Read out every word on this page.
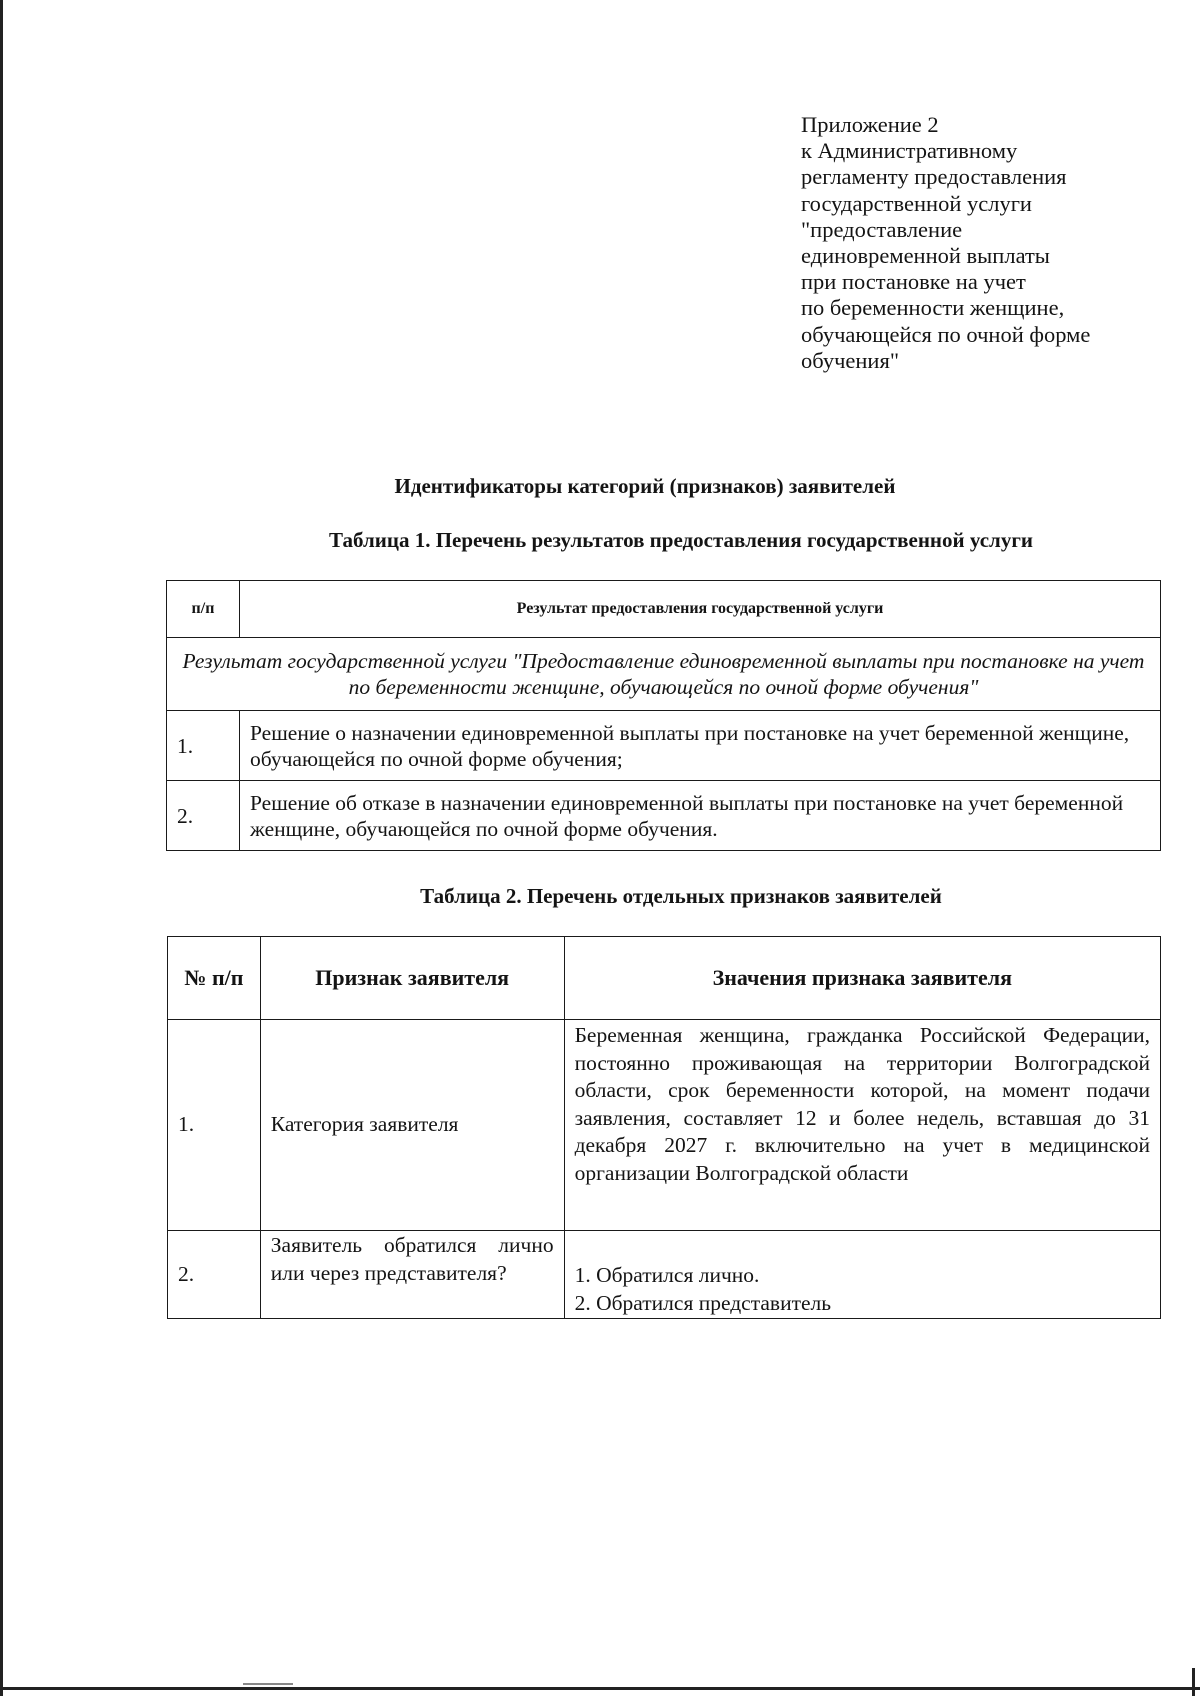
Приложение 2
к Административному
регламенту предоставления
государственной услуги
"предоставление
единовременной выплаты
при постановке на учет
по беременности женщине,
обучающейся по очной форме
обучения"
Идентификаторы категорий (признаков) заявителей
Таблица 1. Перечень результатов предоставления государственной услуги
п/п	Результат предоставления государственной услуги
Результат государственной услуги "Предоставление единовременной выплаты при постановке на учет по беременности женщине, обучающейся по очной форме обучения"	
1.	Решение о назначении единовременной выплаты при постановке на учет беременной женщине, обучающейся по очной форме обучения;
2.	Решение об отказе в назначении единовременной выплаты при постановке на учет беременной женщине, обучающейся по очной форме обучения.
Таблица 2. Перечень отдельных признаков заявителей
№ п/п	Признак заявителя	Значения признака заявителя
1.	Категория заявителя	Беременная женщина, гражданка Российской Федерации, постоянно проживающая на территории Волгоградской области, срок беременности которой, на момент подачи заявления, составляет 12 и более недель, вставшая до 31 декабря 2027 г. включительно на учет в медицинской организации Волгоградской области
2.	Заявитель обратился лично или через представителя?	1. Обратился лично.
2. Обратился представитель
